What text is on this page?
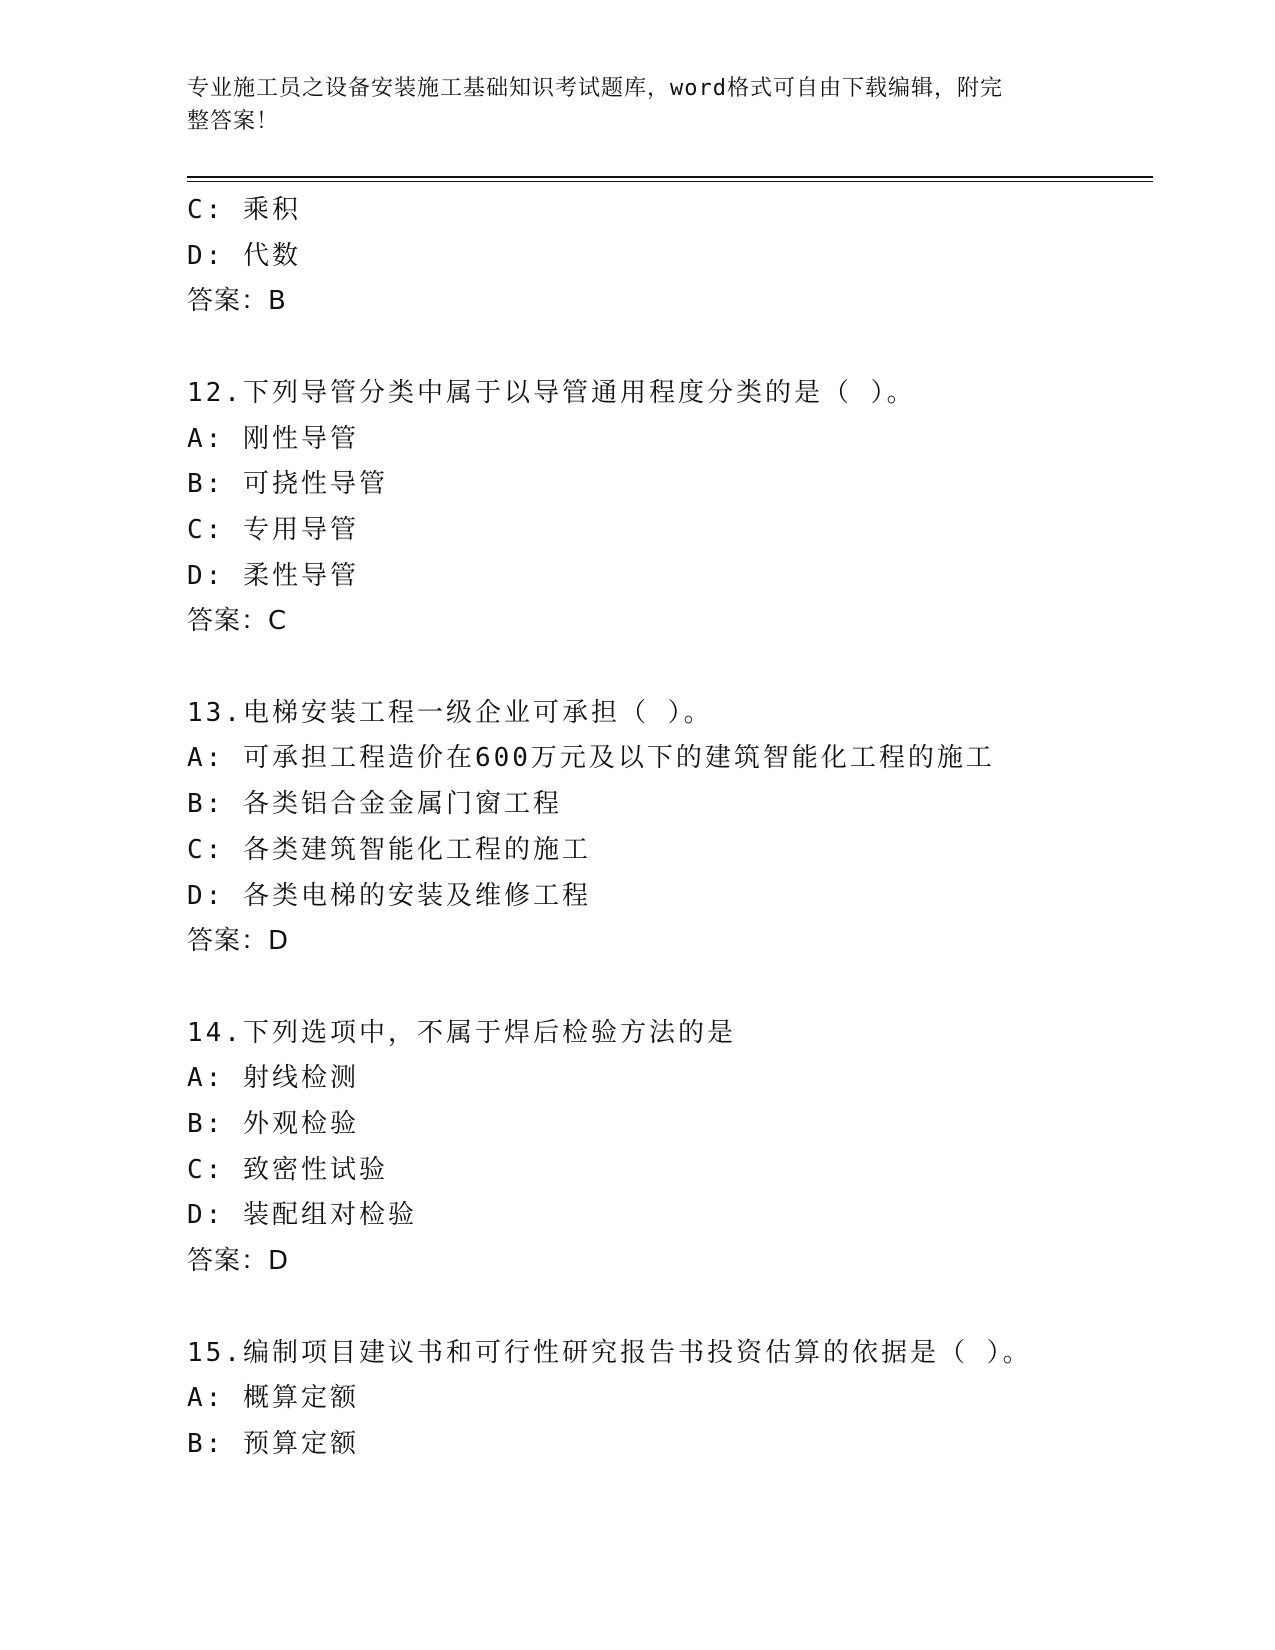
专业施工员之设备安装施工基础知识考试题库，word格式可自由下载编辑，附完
整答案！
C: 乘积
D: 代数
答案：B
12.下列导管分类中属于以导管通用程度分类的是（ ）。
A: 刚性导管
B: 可挠性导管
C: 专用导管
D: 柔性导管
答案：C
13.电梯安装工程一级企业可承担（ ）。
A: 可承担工程造价在600万元及以下的建筑智能化工程的施工
B: 各类铝合金金属门窗工程
C: 各类建筑智能化工程的施工
D: 各类电梯的安装及维修工程
答案：D
14.下列选项中，不属于焊后检验方法的是
A: 射线检测
B: 外观检验
C: 致密性试验
D: 装配组对检验
答案：D
15.编制项目建议书和可行性研究报告书投资估算的依据是（ ）。
A: 概算定额
B: 预算定额
